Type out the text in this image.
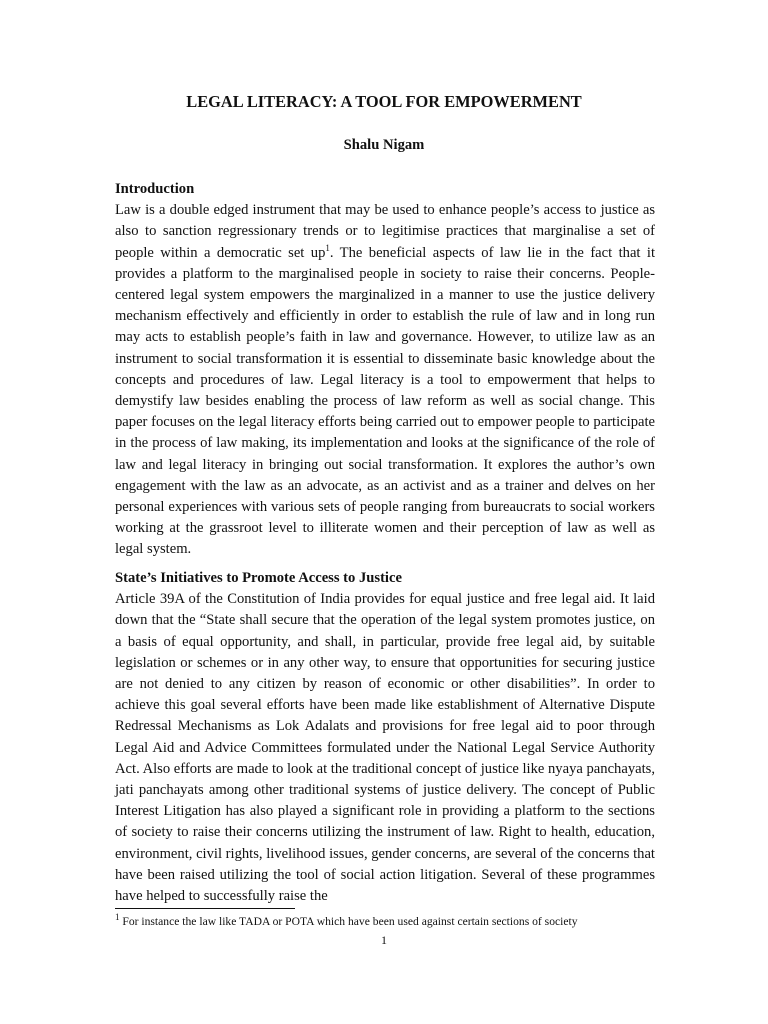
LEGAL LITERACY: A TOOL FOR EMPOWERMENT

Shalu Nigam

Introduction
Law is a double edged instrument that may be used to enhance people’s access to justice as also to sanction regressionary trends or to legitimise practices that marginalise a set of people within a democratic set $up^1$. The beneficial aspects of law lie in the fact that it provides a platform to the marginalised people in society to raise their concerns. People-centered legal system empowers the marginalized in a manner to use the justice delivery mechanism effectively and efficiently in order to establish the rule of law and in long run may acts to establish people’s faith in law and governance. However, to utilize law as an instrument to social transformation it is essential to disseminate basic knowledge about the concepts and procedures of law. Legal literacy is a tool to empowerment that helps to demystify law besides enabling the process of law reform as well as social change. This paper focuses on the legal literacy efforts being carried out to empower people to participate in the process of law making, its implementation and looks at the significance of the role of law and legal literacy in bringing out social transformation. It explores the author’s own engagement with the law as an advocate, as an activist and as a trainer and delves on her personal experiences with various sets of people ranging from bureaucrats to social workers working at the grassroot level to illiterate women and their perception of law as well as legal system.
State’s Initiatives to Promote Access to Justice
Article 39A of the Constitution of India provides for equal justice and free legal aid. It laid down that the “State shall secure that the operation of the legal system promotes justice, on a basis of equal opportunity, and shall, in particular, provide free legal aid, by suitable legislation or schemes or in any other way, to ensure that opportunities for securing justice are not denied to any citizen by reason of economic or other disabilities”. In order to achieve this goal several efforts have been made like establishment of Alternative Dispute Redressal Mechanisms as Lok Adalats and provisions for free legal aid to poor through Legal Aid and Advice Committees formulated under the National Legal Service Authority Act. Also efforts are made to look at the traditional concept of justice like nyaya panchayats, jati panchayats among other traditional systems of justice delivery. The concept of Public Interest Litigation has also played a significant role in providing a platform to the sections of society to raise their concerns utilizing the instrument of law. Right to health, education, environment, civil rights, livelihood issues, gender concerns, are several of the concerns that have been raised utilizing the tool of social action litigation. Several of these programmes have helped to successfully raise the

$^1$ For instance the law like TADA or POTA which have been used against certain sections of society

1
